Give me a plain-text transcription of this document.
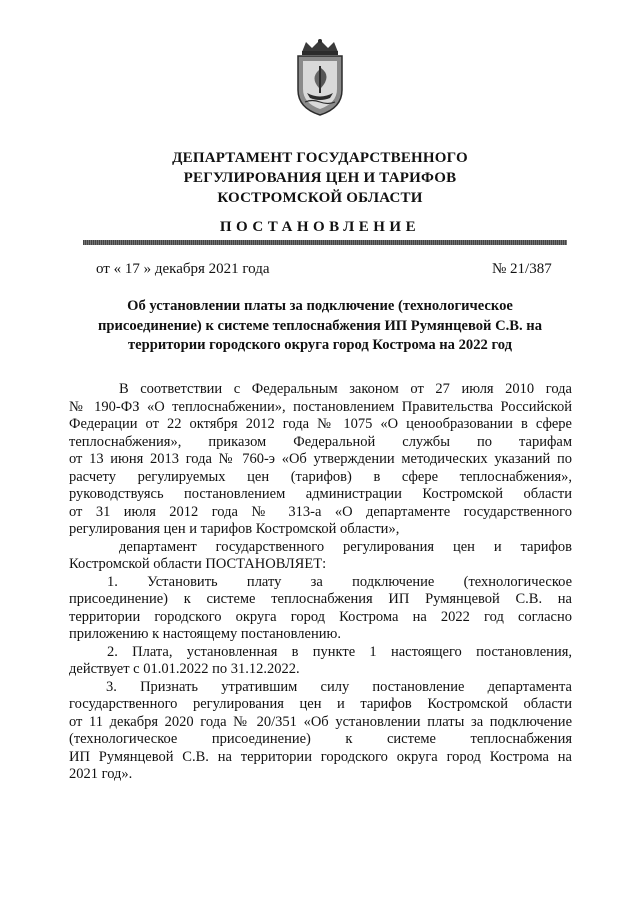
ДЕПАРТАМЕНТ ГОСУДАРСТВЕННОГО
РЕГУЛИРОВАНИЯ ЦЕН И ТАРИФОВ
КОСТРОМСКОЙ ОБЛАСТИ
ПОСТАНОВЛЕНИЕ
от « 17 » декабря 2021 года	№ 21/387
Об установлении платы за подключение (технологическое
присоединение) к системе теплоснабжения ИП Румянцевой С.В. на
территории городского округа город Кострома на 2022 год
В соответствии с Федеральным законом от 27 июля 2010 года
№ 190-ФЗ «О теплоснабжении», постановлением Правительства Российской
Федерации от 22 октября 2012 года № 1075 «О ценообразовании в сфере
теплоснабжения», приказом Федеральной службы по тарифам
от 13 июня 2013 года № 760-э «Об утверждении методических указаний по
расчету регулируемых цен (тарифов) в сфере теплоснабжения»,
руководствуясь постановлением администрации Костромской области
от 31 июля 2012 года № 313-а «О департаменте государственного
регулирования цен и тарифов Костромской области»,
департамент государственного регулирования цен и тарифов
Костромской области ПОСТАНОВЛЯЕТ:
1. Установить плату за подключение (технологическое
присоединение) к системе теплоснабжения ИП Румянцевой С.В. на
территории городского округа город Кострома на 2022 год согласно
приложению к настоящему постановлению.
2. Плата, установленная в пункте 1 настоящего постановления,
действует с 01.01.2022 по 31.12.2022.
3. Признать утратившим силу постановление департамента
государственного регулирования цен и тарифов Костромской области
от 11 декабря 2020 года № 20/351 «Об установлении платы за подключение
(технологическое присоединение) к системе теплоснабжения
ИП Румянцевой С.В. на территории городского округа город Кострома на
2021 год».
